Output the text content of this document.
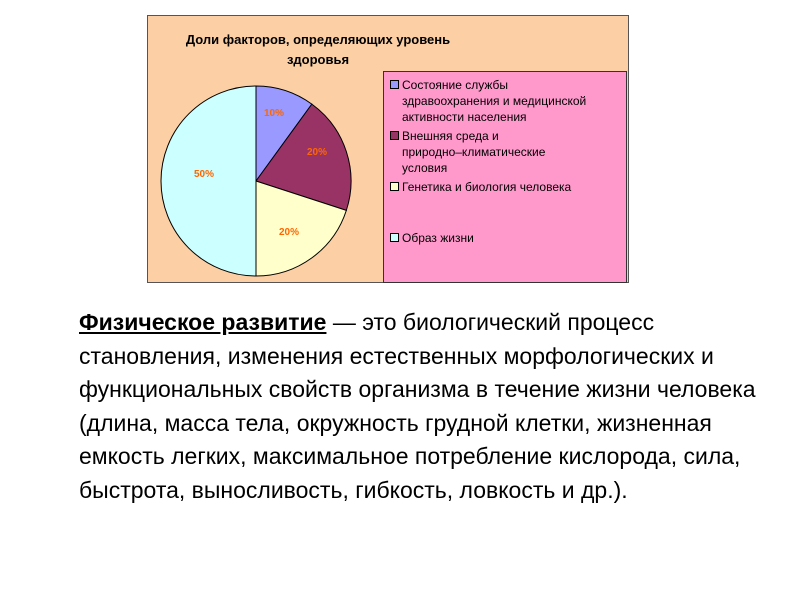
Доли факторов, определяющих уровень
здоровья
10%
20%
20%
50%
Состояние службы
здравоохранения и медицинской
активности населения
Внешняя среда и
природно–климатические
условия
Генетика и биология человека
Образ жизни
Физическое развитие — это биологический процесс становления, изменения естественных морфологических и функциональных свойств организма в течение жизни человека (длина, масса тела, окружность грудной клетки, жизненная емкость легких, максимальное потребление кислорода, сила, быстрота, выносливость, гибкость, ловкость и др.).
